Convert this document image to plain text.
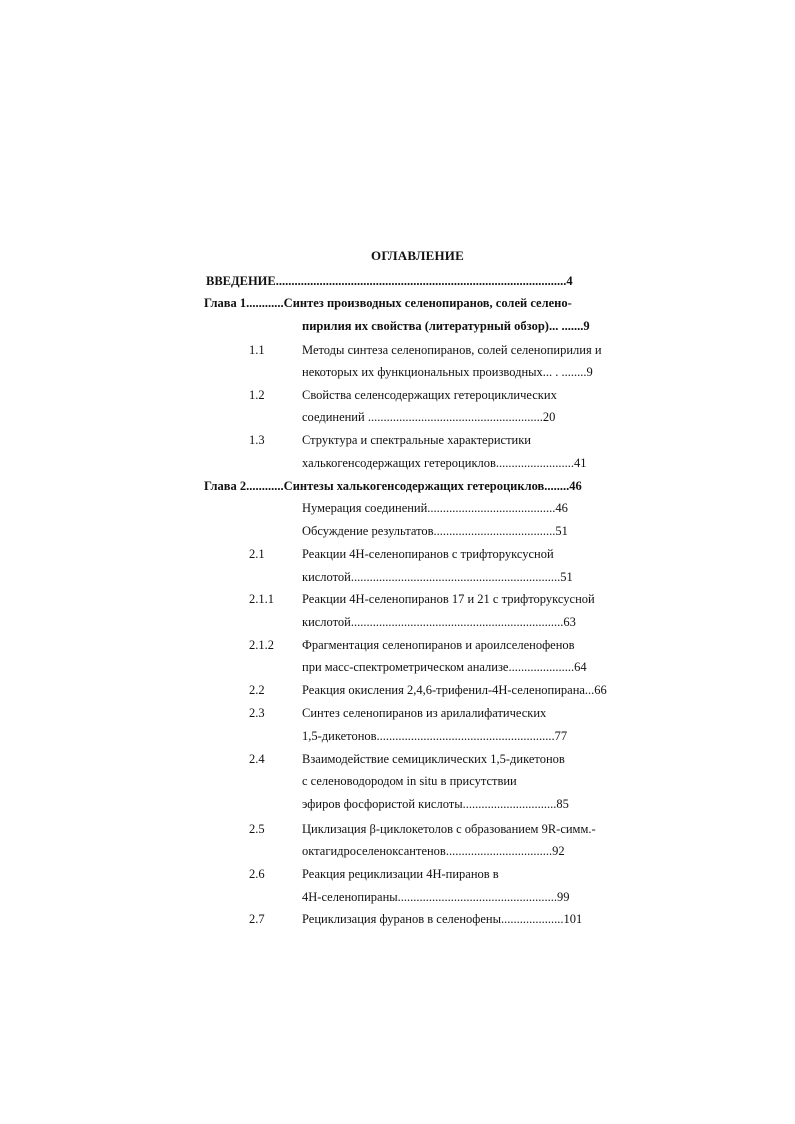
ОГЛАВЛЕНИЕ
ВВЕДЕНИЕ.............................................................................................4
Глава 1............Синтез производных селенопиранов, солей селено-
пирилия их свойства (литературный обзор)... .......9
1.1	Методы синтеза селенопиранов, солей селенопирилия и
некоторых их функциональных производных... . ........9
1.2	Свойства селенсодержащих гетероциклических
соединений ........................................................20
1.3	Структура и спектральные характеристики
халькогенсодержащих гетероциклов.........................41
Глава 2............Синтезы халькогенсодержащих гетероциклов........46
Нумерация соединений.........................................46
Обсуждение результатов.......................................51
2.1	Реакции 4Н-селенопиранов с трифторуксусной
кислотой...................................................................51
2.1.1 Реакции 4Н-селенопиранов 17 и 21 с трифторуксусной
кислотой....................................................................63
2.1.2 Фрагментация селенопиранов и ароилселенофенов
при масс-спектрометрическом анализе.....................64
2.2	Реакция окисления 2,4,6-трифенил-4Н-селенопирана...66
2.3	Синтез селенопиранов из арилалифатических
1,5-дикетонов.........................................................77
2.4	Взаимодействие семициклических 1,5-дикетонов
с селеноводородом in situ в присутствии
эфиров фосфористой кислоты..............................85
2.5	Циклизация β-циклокетолов с образованием 9R-симм.-
октагидроселеноксантенов..................................92
2.6	Реакция рециклизации 4Н-пиранов в
4Н-селенопираны...................................................99
2.7	Рециклизация фуранов в селенофены....................101
